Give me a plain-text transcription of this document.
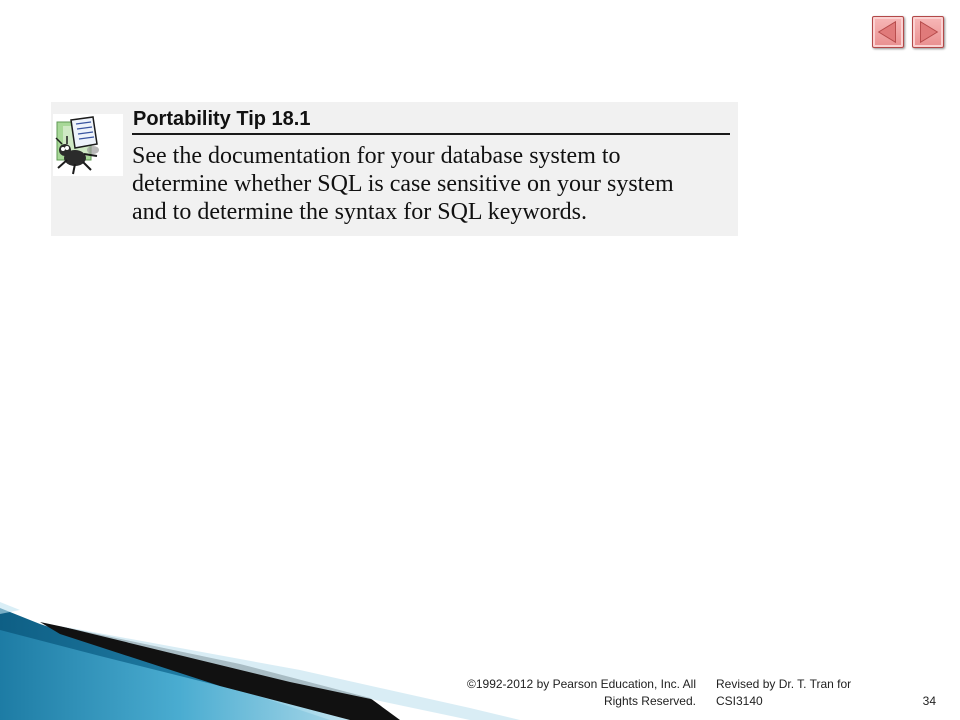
Portability Tip 18.1
See the documentation for your database system to
determine whether SQL is case sensitive on your system
and to determine the syntax for SQL keywords.
©1992-2012 by Pearson Education, Inc. All
Rights Reserved.
Revised by Dr. T. Tran for
CSI3140	34
